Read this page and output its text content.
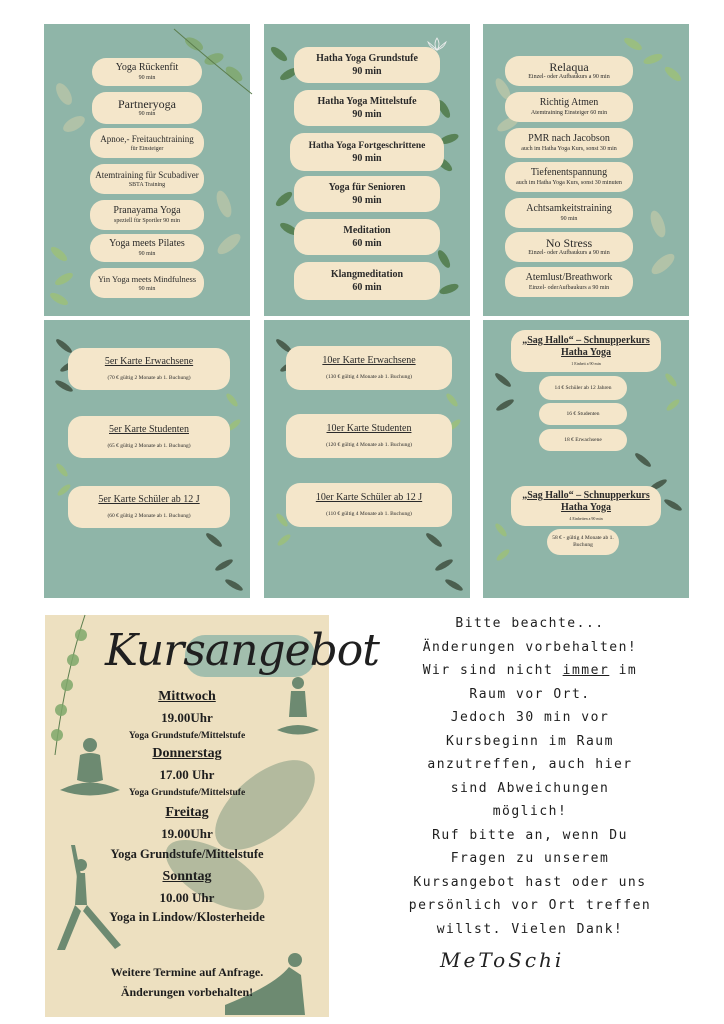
Yoga Rückenfit
90 min
Partneryoga
90 min
Apnoe,- Freitauchtraining
für Einsteiger
Atemtraining für Scubadiver
SBTA Training
Pranayama Yoga
speziell für Sportler 90 min
Yoga meets Pilates
90 min
Yin Yoga meets Mindfulness
90 min
Hatha Yoga Grundstufe
90 min
Hatha Yoga Mittelstufe
90 min
Hatha Yoga Fortgeschrittene
90 min
Yoga für Senioren
90 min
Meditation
60 min
Klangmeditation
60 min
Relaqua
Einzel- oder Aufbaukurs a 90 min
Richtig Atmen
Atemtraining Einsteiger 60 min
PMR nach Jacobson
auch im Hatha Yoga Kurs, sonst 30 min
Tiefenentspannung
auch im Hatha Yoga Kurs, sonst 30 minuten
Achtsamkeitstraining
90 min
No Stress
Einzel- oder Aufbaukurs a 90 min
Atemlust/Breathwork
Einzel- oderAufbaukurs a 90 min
5er Karte Erwachsene
(70 € gültig 2 Monate ab 1. Buchung)
5er Karte Studenten
(65 € gültig 2 Monate ab 1. Buchung)
5er Karte Schüler ab 12 J
(60 € gültig 2 Monate ab 1. Buchung)
10er Karte Erwachsene
(130 € gültig 4 Monate ab 1. Buchung)
10er Karte Studenten
(120 € gültig 4 Monate ab 1. Buchung)
10er Karte Schüler ab 12 J
(110 € gültig 4 Monate ab 1. Buchung)
„Sag Hallo“ – Schnupperkurs Hatha Yoga
1 Einheit a 90 min
14 € Schüler ab 12 Jahren
16 € Studenten
18 € Erwachsene
„Sag Hallo“ – Schnupperkurs Hatha Yoga
4 Einheiten a 90 min
58 € - gültig 4 Monate ab 1. Buchung
Kursangebot
Mittwoch
19.00Uhr
Yoga Grundstufe/Mittelstufe
Donnerstag
17.00 Uhr
Yoga Grundstufe/Mittelstufe
Freitag
19.00Uhr
Yoga Grundstufe/Mittelstufe
Sonntag
10.00 Uhr
Yoga in Lindow/Klosterheide
Weitere Termine auf Anfrage.
Änderungen vorbehalten!
Bitte beachte...
Änderungen vorbehalten!
Wir sind nicht immer im
Raum vor Ort.
Jedoch 30 min vor
Kursbeginn im Raum
anzutreffen, auch hier
sind Abweichungen
möglich!
Ruf bitte an, wenn Du
Fragen zu unserem
Kursangebot hast oder uns
persönlich vor Ort treffen
willst. Vielen Dank!
MeToSchi
